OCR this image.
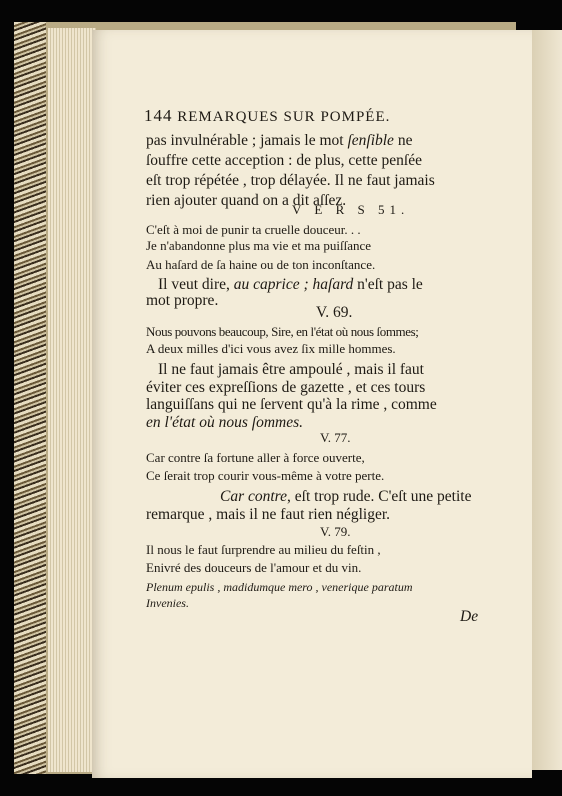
144 REMARQUES SUR POMPÉE.
pas invulnérable ; jamais le mot ſenſible ne
ſouffre cette acception : de plus, cette penſée
eſt trop répétée , trop délayée. Il ne faut jamais
rien ajouter quand on a dit aſſez.
V E R S 51.
C'eſt à moi de punir ta cruelle douceur. . .
Je n'abandonne plus ma vie et ma puiſſance
Au haſard de ſa haine ou de ton inconſtance.
Il veut dire, au caprice ; haſard n'eſt pas le
mot propre.
V. 69.
Nous pouvons beaucoup, Sire, en l'état où nous ſommes;
A deux milles d'ici vous avez ſix mille hommes.
Il ne faut jamais être ampoulé , mais il faut
éviter ces expreſſions de gazette , et ces tours
languiſſans qui ne ſervent qu'à la rime , comme
en l'état où nous ſommes.
V. 77.
Car contre ſa fortune aller à force ouverte,
Ce ſerait trop courir vous-même à votre perte.
Car contre, eſt trop rude. C'eſt une petite
remarque , mais il ne faut rien négliger.
V. 79.
Il nous le faut ſurprendre au milieu du feſtin ,
Enivré des douceurs de l'amour et du vin.
Plenum epulis , madidumque mero , venerique paratum
Invenies.
De
